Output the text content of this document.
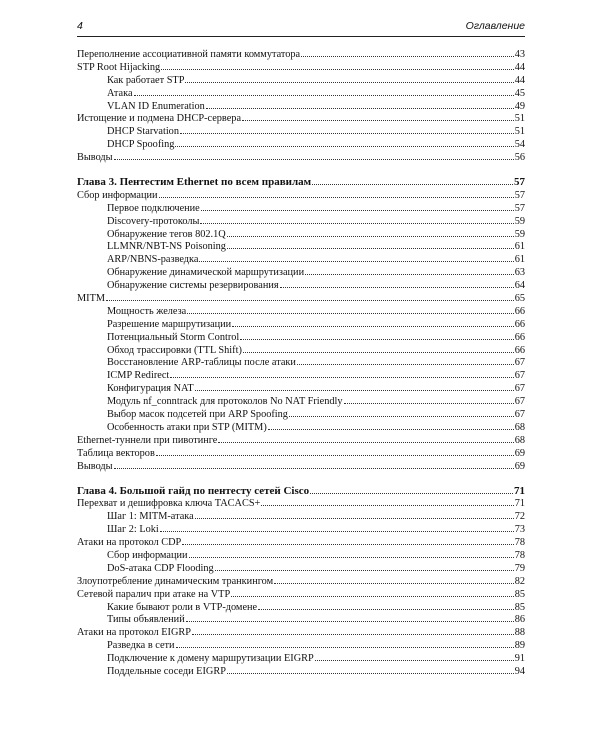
4	Оглавление
Переполнение ассоциативной памяти коммутатора	43
STP Root Hijacking	44
Как работает STP	44
Атака	45
VLAN ID Enumeration	49
Истощение и подмена DHCP-сервера	51
DHCP Starvation	51
DHCP Spoofing	54
Выводы	56
Глава 3. Пентестим Ethernet по всем правилам	57
Сбор информации	57
Первое подключение	57
Discovery-протоколы	59
Обнаружение тегов 802.1Q	59
LLMNR/NBT-NS Poisoning	61
ARP/NBNS-разведка	61
Обнаружение динамической маршрутизации	63
Обнаружение системы резервирования	64
MITM	65
Мощность железа	66
Разрешение маршрутизации	66
Потенциальный Storm Control	66
Обход трассировки (TTL Shift)	66
Восстановление ARP-таблицы после атаки	67
ICMP Redirect	67
Конфигурация NAT	67
Модуль nf_conntrack для протоколов No NAT Friendly	67
Выбор масок подсетей при ARP Spoofing	67
Особенность атаки при STP (MITM)	68
Ethernet-туннели при пивотинге	68
Таблица векторов	69
Выводы	69
Глава 4. Большой гайд по пентесту сетей Cisco	71
Перехват и дешифровка ключа TACACS+	71
Шаг 1: MITM-атака	72
Шаг 2: Loki	73
Атаки на протокол CDP	78
Сбор информации	78
DoS-атака CDP Flooding	79
Злоупотребление динамическим транкингом	82
Сетевой паралич при атаке на VTP	85
Какие бывают роли в VTP-домене	85
Типы объявлений	86
Атаки на протокол EIGRP	88
Разведка в сети	89
Подключение к домену маршрутизации EIGRP	91
Поддельные соседи EIGRP	94
